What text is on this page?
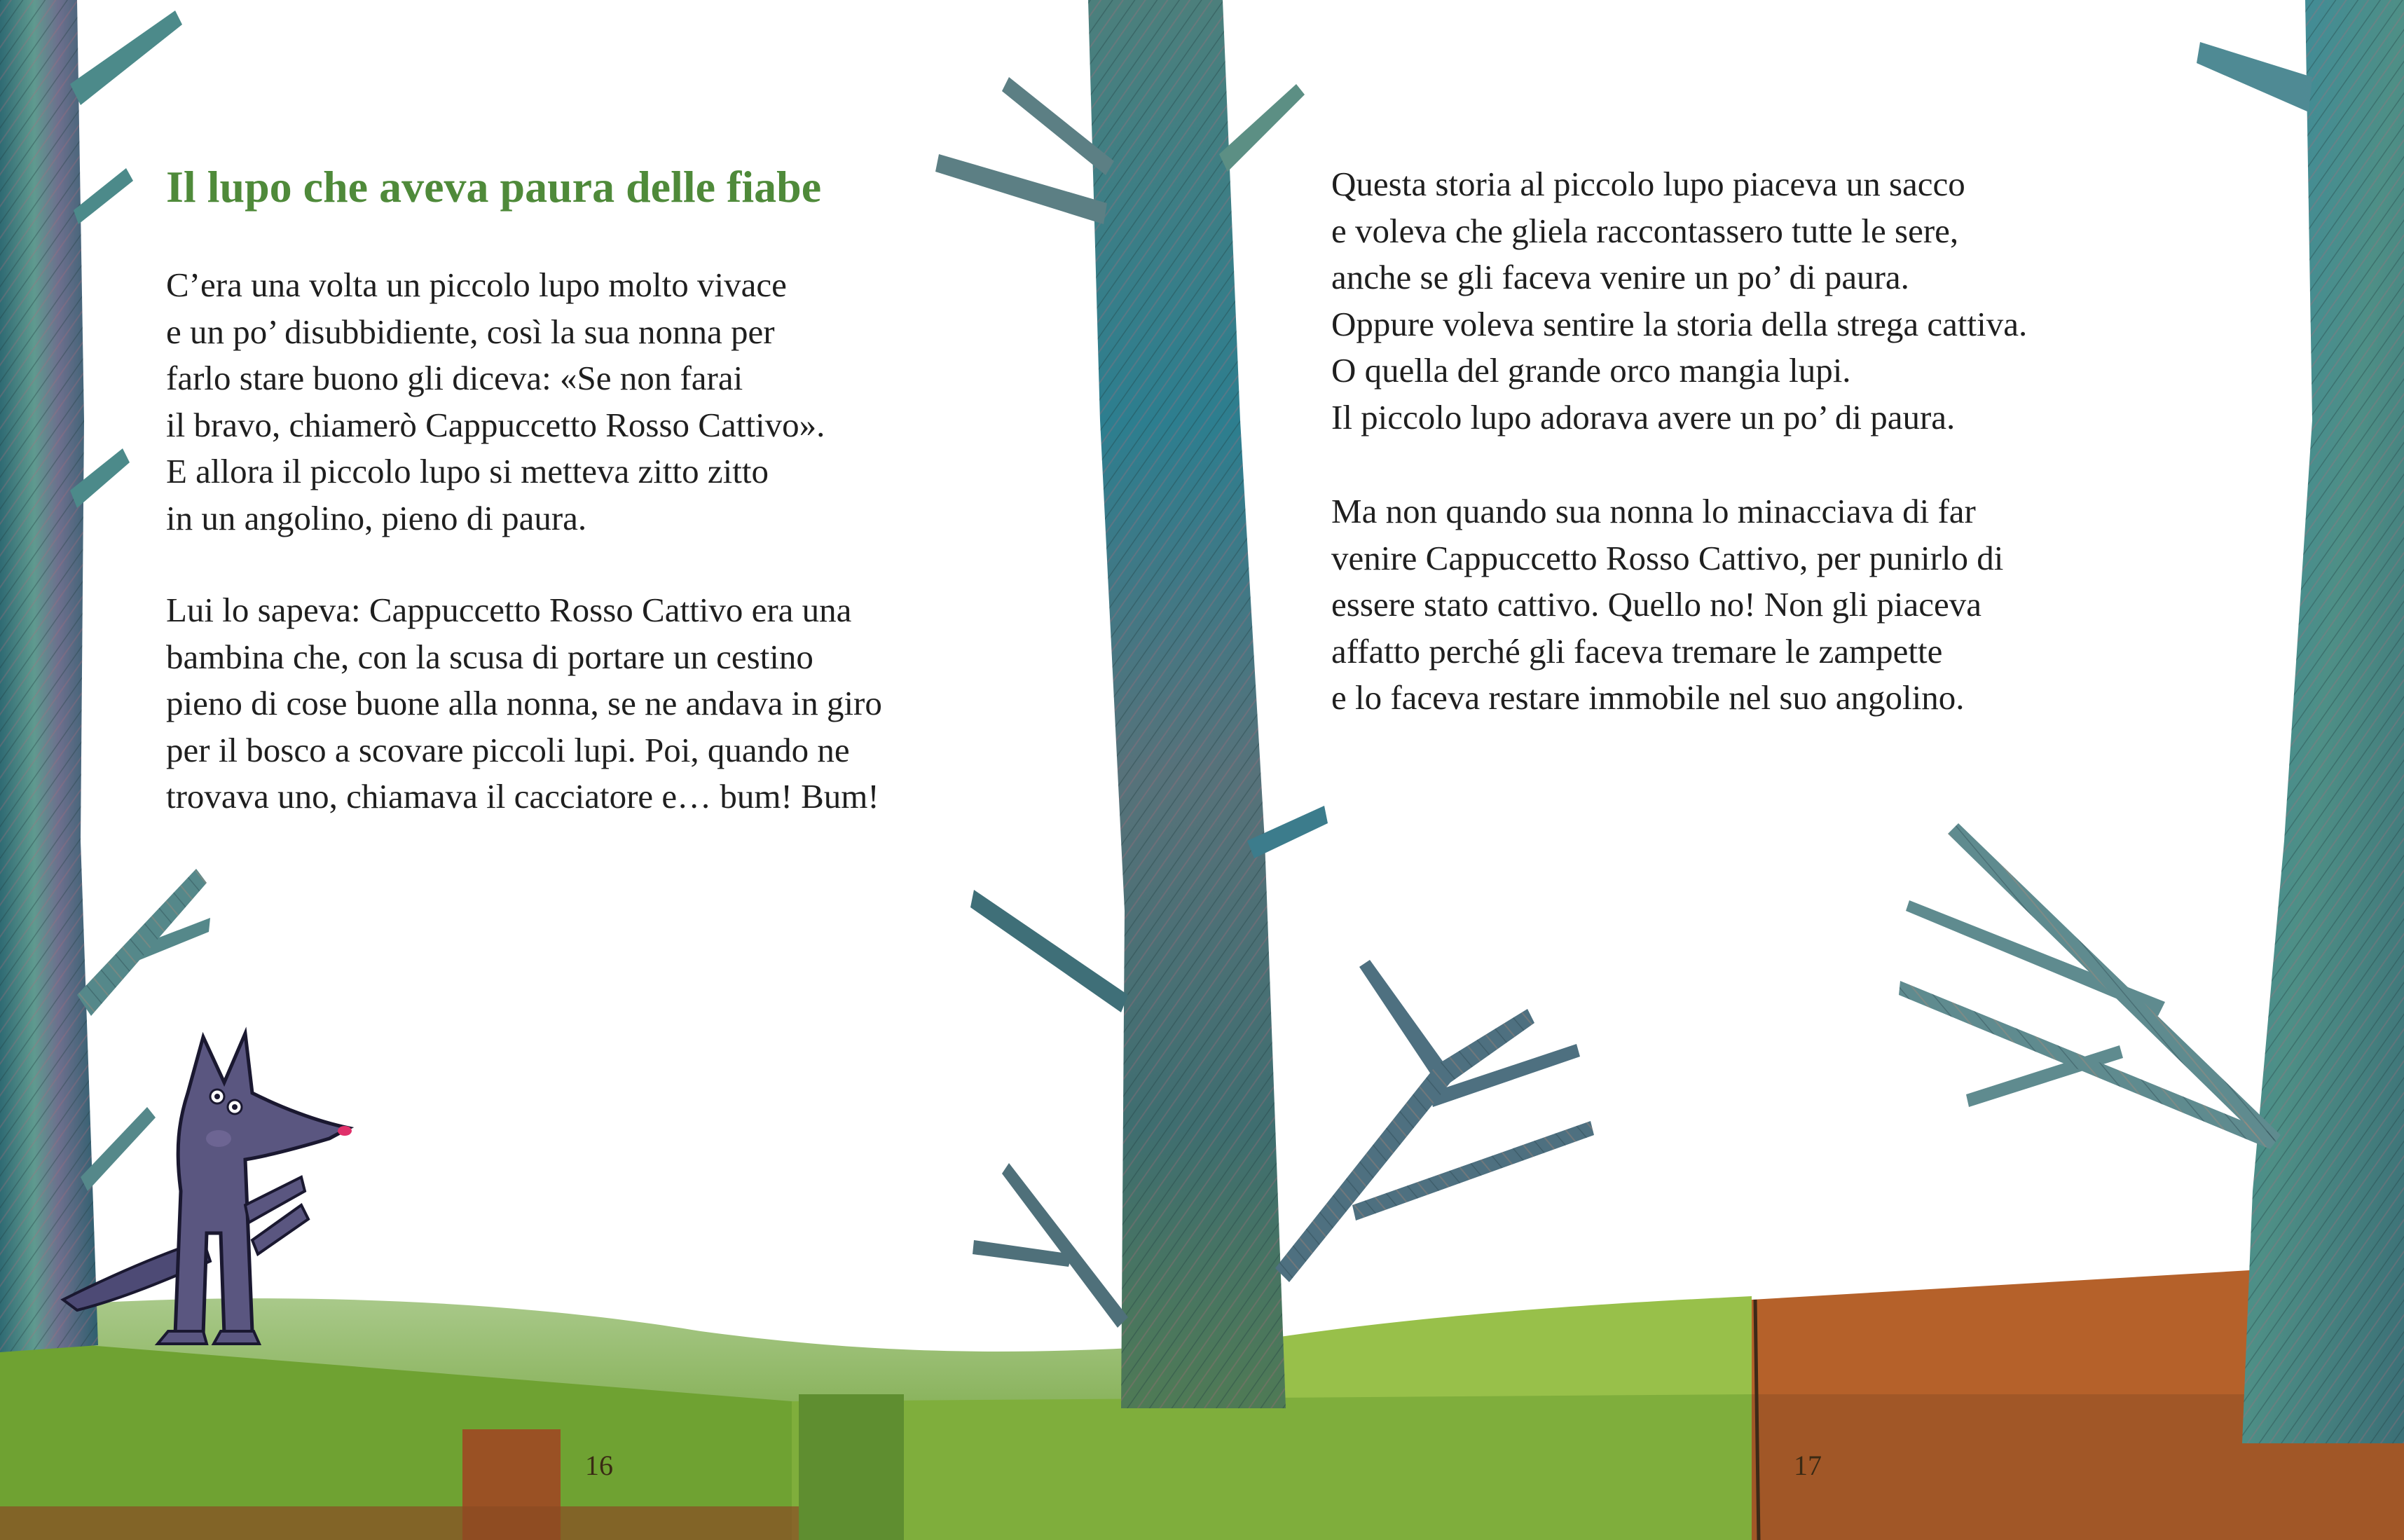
Il lupo che aveva paura delle fiabe

C’era una volta un piccolo lupo molto vivace

e un po’ disubbidiente, così la sua nonna per

farlo stare buono gli diceva: «Se non farai

il bravo, chiamerò Cappuccetto Rosso Cattivo».

E allora il piccolo lupo si metteva zitto zitto

in un angolino, pieno di paura.

Lui lo sapeva: Cappuccetto Rosso Cattivo era una

bambina che, con la scusa di portare un cestino

pieno di cose buone alla nonna, se ne andava in giro

per il bosco a scovare piccoli lupi. Poi, quando ne

trovava uno, chiamava il cacciatore e… bum! Bum!

Questa storia al piccolo lupo piaceva un sacco

e voleva che gliela raccontassero tutte le sere,

anche se gli faceva venire un po’ di paura.

Oppure voleva sentire la storia della strega cattiva.

O quella del grande orco mangia lupi.

Il piccolo lupo adorava avere un po’ di paura.

Ma non quando sua nonna lo minacciava di far

venire Cappuccetto Rosso Cattivo, per punirlo di

essere stato cattivo. Quello no! Non gli piaceva

affatto perché gli faceva tremare le zampette

e lo faceva restare immobile nel suo angolino.

16	17
